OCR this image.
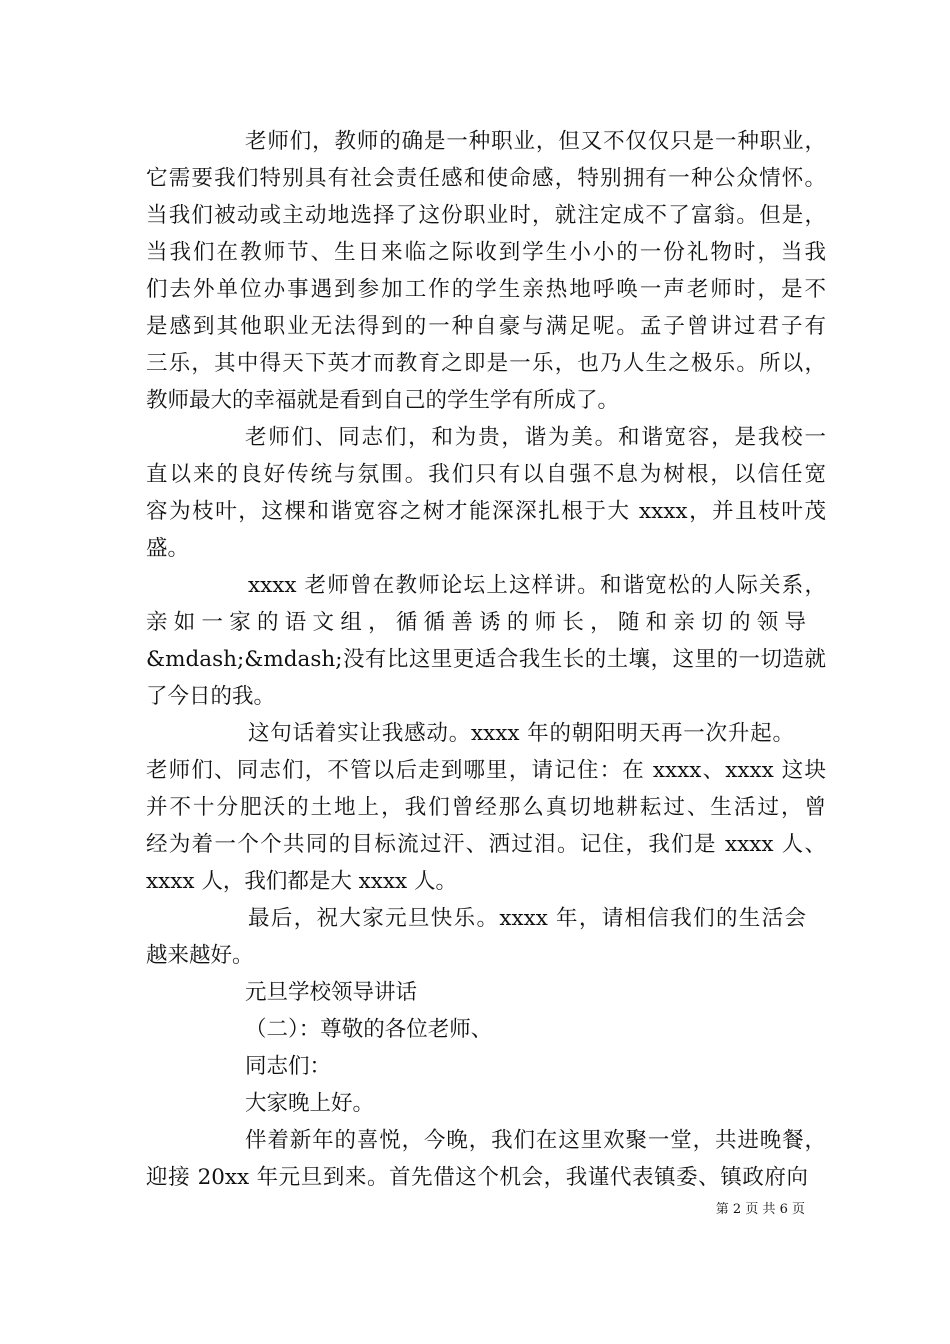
老师们，教师的确是一种职业，但又不仅仅只是一种职业，
它需要我们特别具有社会责任感和使命感，特别拥有一种公众情怀。
当我们被动或主动地选择了这份职业时，就注定成不了富翁。但是，
当我们在教师节、生日来临之际收到学生小小的一份礼物时，当我
们去外单位办事遇到参加工作的学生亲热地呼唤一声老师时，是不
是感到其他职业无法得到的一种自豪与满足呢。孟子曾讲过君子有
三乐，其中得天下英才而教育之即是一乐，也乃人生之极乐。所以，
教师最大的幸福就是看到自己的学生学有所成了。
老师们、同志们，和为贵，谐为美。和谐宽容，是我校一
直以来的良好传统与氛围。我们只有以自强不息为树根，以信任宽
容为枝叶，这棵和谐宽容之树才能深深扎根于大 xxxx，并且枝叶茂
盛。
xxxx 老师曾在教师论坛上这样讲。和谐宽松的人际关系，
亲如一家的语文组，循循善诱的师长，随和亲切的领导
&mdash;&mdash;没有比这里更适合我生长的土壤，这里的一切造就
了今日的我。
这句话着实让我感动。xxxx 年的朝阳明天再一次升起。
老师们、同志们，不管以后走到哪里，请记住：在 xxxx、xxxx 这块
并不十分肥沃的土地上，我们曾经那么真切地耕耘过、生活过，曾
经为着一个个共同的目标流过汗、洒过泪。记住，我们是 xxxx 人、
xxxx 人，我们都是大 xxxx 人。
最后，祝大家元旦快乐。xxxx 年，请相信我们的生活会
越来越好。
元旦学校领导讲话
（二）：尊敬的各位老师、
同志们：
大家晚上好。
伴着新年的喜悦，今晚，我们在这里欢聚一堂，共进晚餐，
迎接 20xx 年元旦到来。首先借这个机会，我谨代表镇委、镇政府向
第 2 页 共 6 页
